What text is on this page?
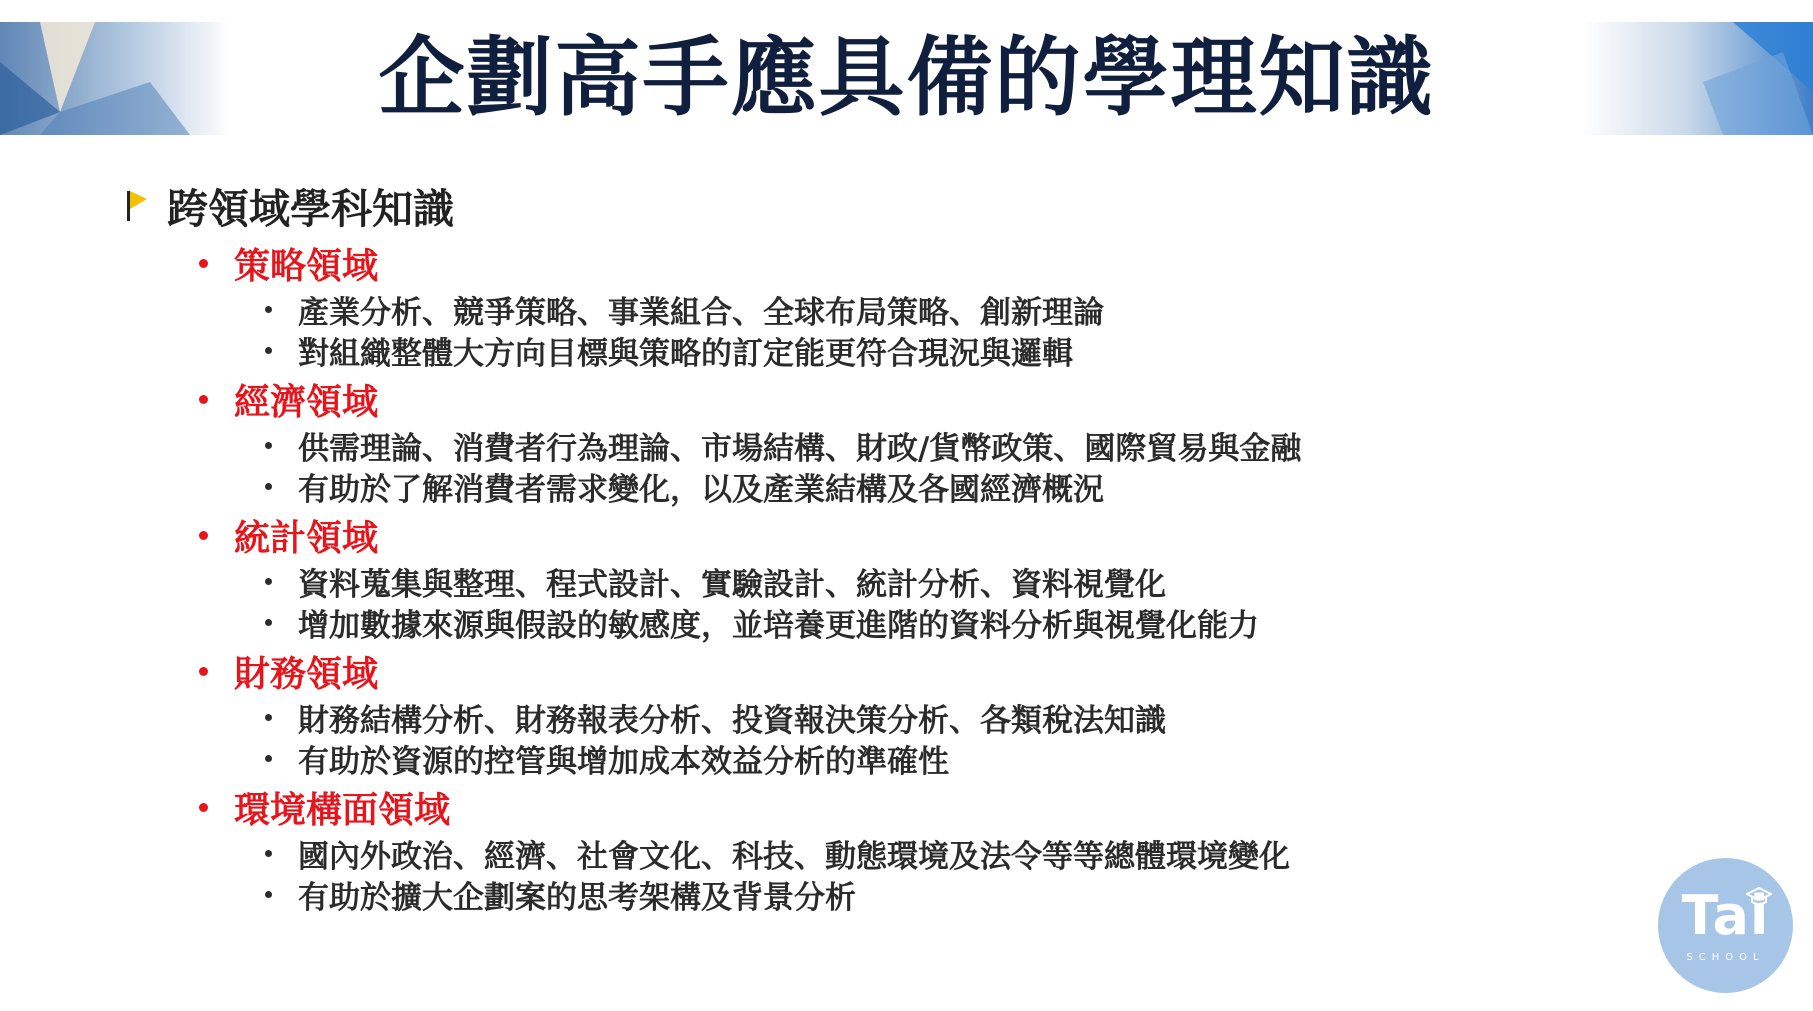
企劃高手應具備的學理知識
跨領域學科知識
策略領域
產業分析、競爭策略、事業組合、全球布局策略、創新理論
對組織整體大方向目標與策略的訂定能更符合現況與邏輯
經濟領域
供需理論、消費者行為理論、市場結構、財政/貨幣政策、國際貿易與金融
有助於了解消費者需求變化，以及產業結構及各國經濟概況
統計領域
資料蒐集與整理、程式設計、實驗設計、統計分析、資料視覺化
增加數據來源與假設的敏感度，並培養更進階的資料分析與視覺化能力
財務領域
財務結構分析、財務報表分析、投資報決策分析、各類稅法知識
有助於資源的控管與增加成本效益分析的準確性
環境構面領域
國內外政治、經濟、社會文化、科技、動態環境及法令等等總體環境變化
有助於擴大企劃案的思考架構及背景分析	Tai
SCHOOL
